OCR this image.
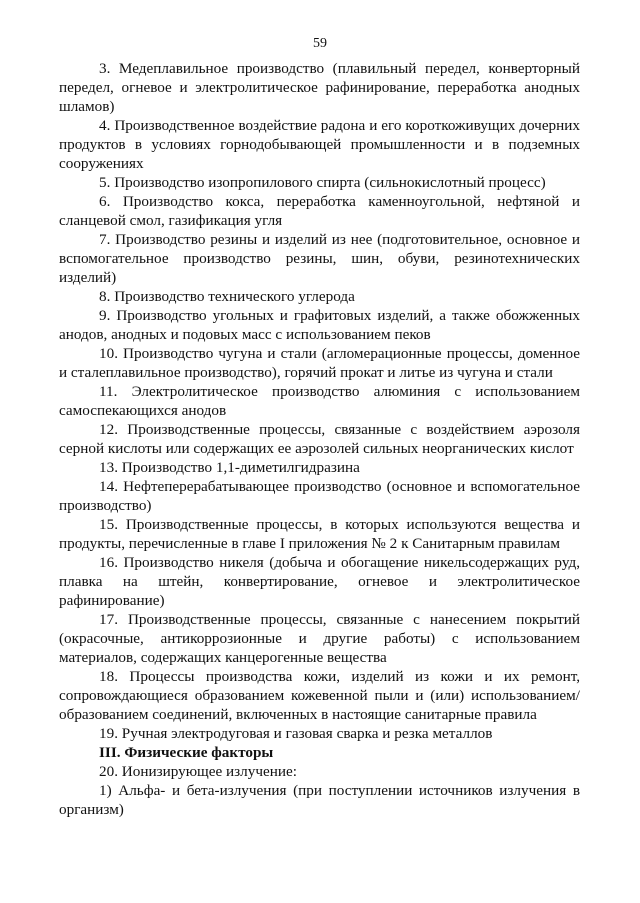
59

3. Медеплавильное производство (плавильный передел, конверторный передел, огневое и электролитическое рафинирование, переработка анодных шламов)

4. Производственное воздействие радона и его короткоживущих дочерних продуктов в условиях горнодобывающей промышленности и в подземных сооружениях

5. Производство изопропилового спирта (сильнокислотный процесс)

6. Производство кокса, переработка каменноугольной, нефтяной и сланцевой смол, газификация угля

7. Производство резины и изделий из нее (подготовительное, основное и вспомогательное производство резины, шин, обуви, резинотехнических изделий)

8. Производство технического углерода

9. Производство угольных и графитовых изделий, а также обожженных анодов, анодных и подовых масс с использованием пеков

10. Производство чугуна и стали (агломерационные процессы, доменное и сталеплавильное производство), горячий прокат и литье из чугуна и стали

11. Электролитическое производство алюминия с использованием самоспекающихся анодов

12. Производственные процессы, связанные с воздействием аэрозоля серной кислоты или содержащих ее аэрозолей сильных неорганических кислот

13. Производство 1,1-диметилгидразина

14. Нефтеперерабатывающее производство (основное и вспомогательное производство)

15. Производственные процессы, в которых используются вещества и продукты, перечисленные в главе I приложения № 2 к Санитарным правилам

16. Производство никеля (добыча и обогащение никельсодержащих руд, плавка на штейн, конвертирование, огневое и электролитическое рафинирование)

17. Производственные процессы, связанные с нанесением покрытий (окрасочные, антикоррозионные и другие работы) с использованием материалов, содержащих канцерогенные вещества

18. Процессы производства кожи, изделий из кожи и их ремонт, сопровождающиеся образованием кожевенной пыли и (или) использованием/образованием соединений, включенных в настоящие санитарные правила

19. Ручная электродуговая и газовая сварка и резка металлов

III. Физические факторы

20. Ионизирующее излучение:

1) Альфа- и бета-излучения (при поступлении источников излучения в организм)
